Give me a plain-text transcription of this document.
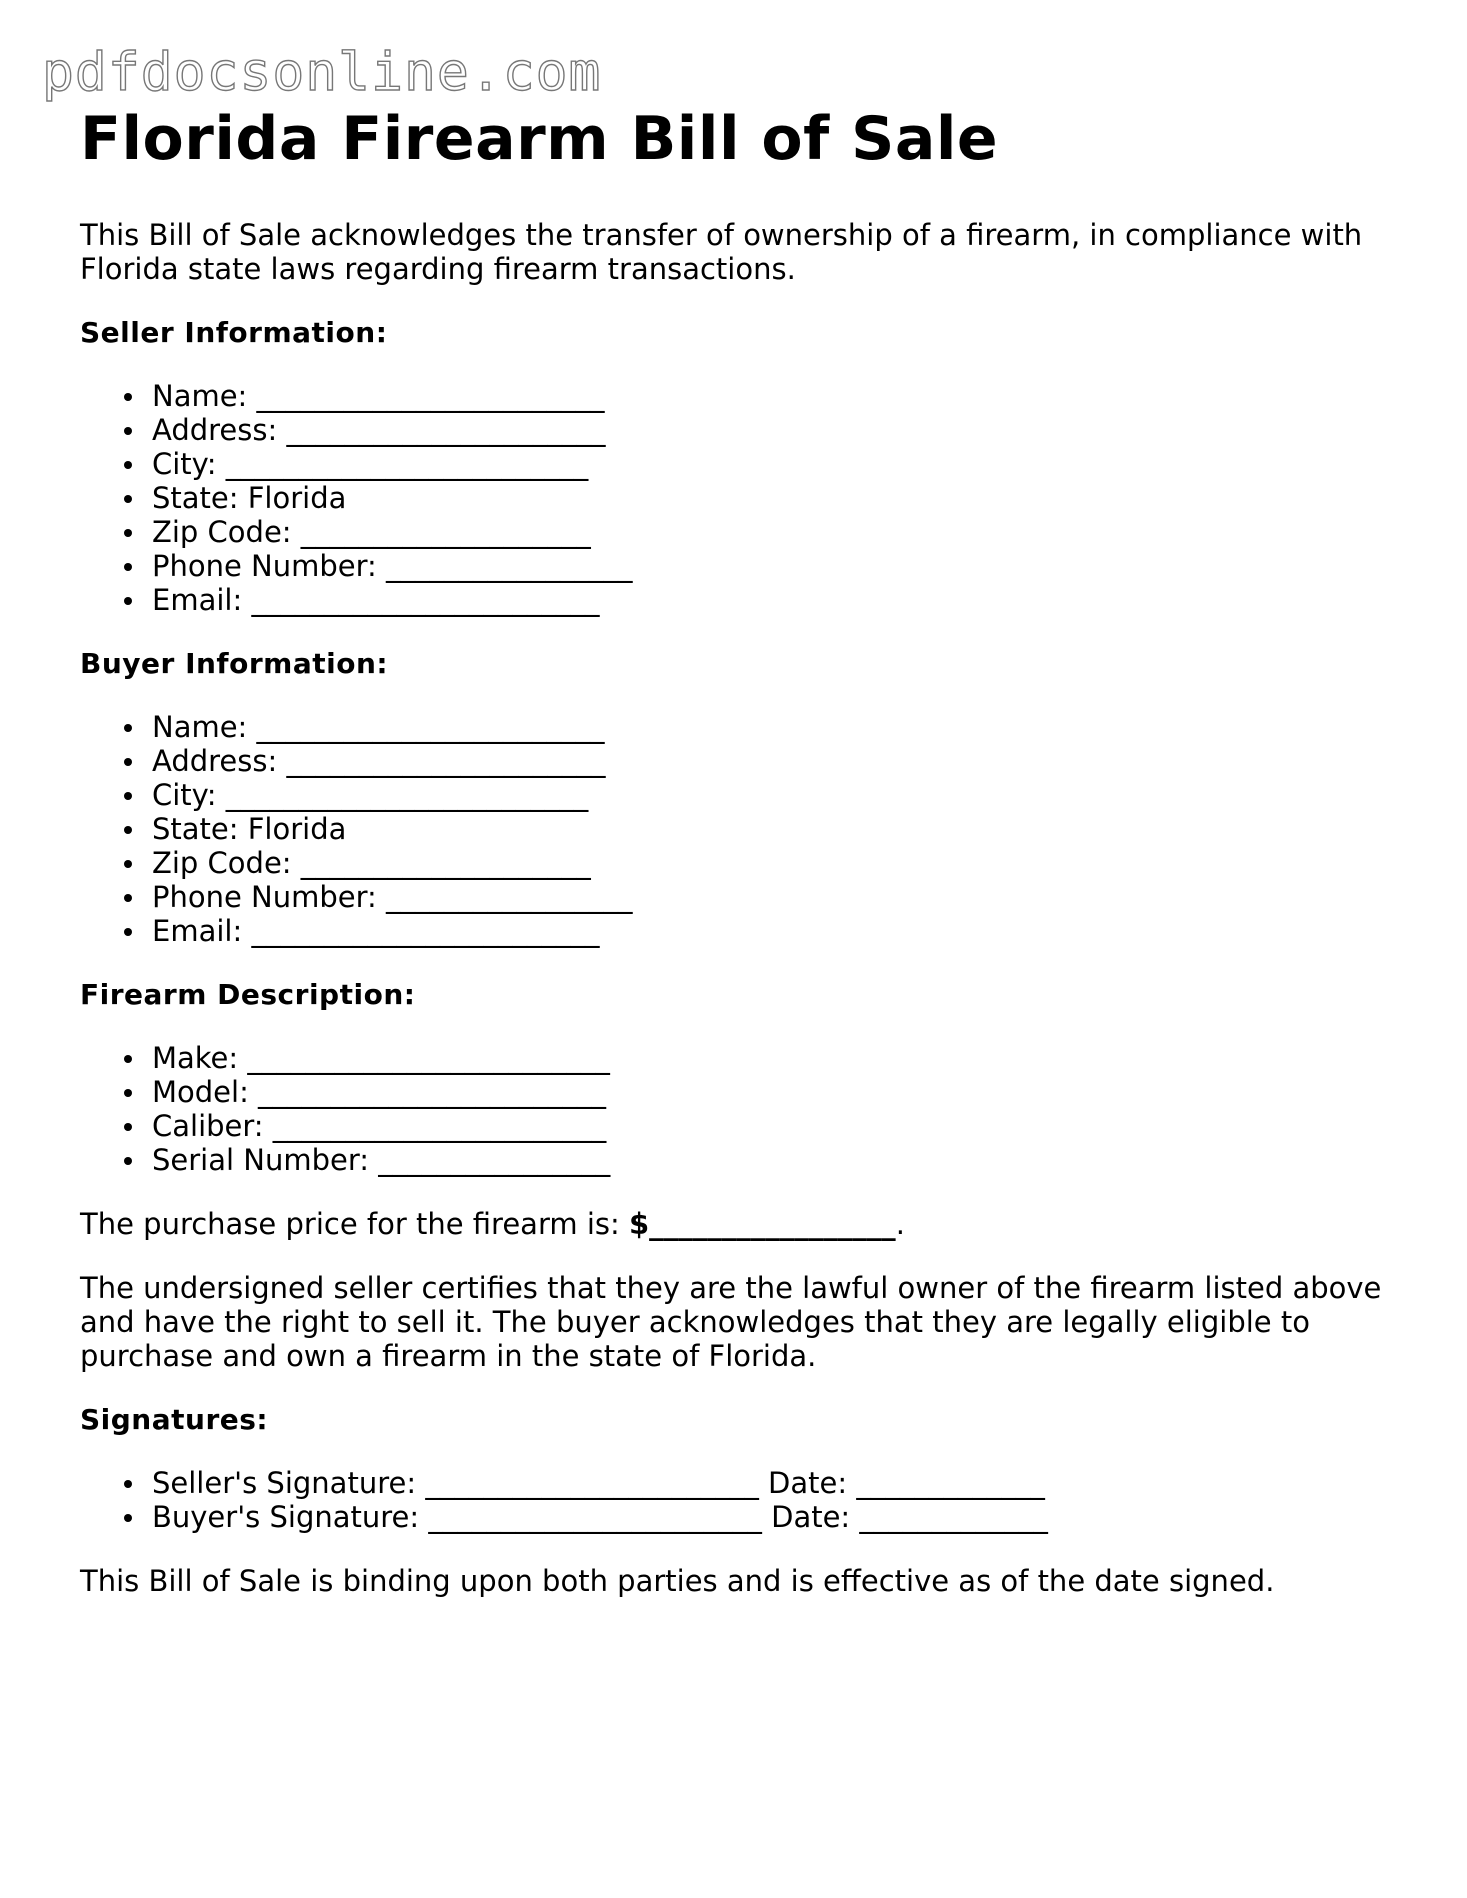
pdfdocsonline.com
Florida Firearm Bill of Sale

This Bill of Sale acknowledges the transfer of ownership of a firearm, in compliance with Florida state laws regarding firearm transactions.

Seller Information:
Name: ________________________
Address: ______________________
City: _________________________
State: Florida
Zip Code: ____________________
Phone Number: _________________
Email: ________________________
Buyer Information:
Name: ________________________
Address: ______________________
City: _________________________
State: Florida
Zip Code: ____________________
Phone Number: _________________
Email: ________________________
Firearm Description:
Make: _________________________
Model: ________________________
Caliber: _______________________
Serial Number: ________________

The purchase price for the firearm is: $_________________.

The undersigned seller certifies that they are the lawful owner of the firearm listed above and have the right to sell it. The buyer acknowledges that they are legally eligible to purchase and own a firearm in the state of Florida.

Signatures:
Seller's Signature: _______________________ Date: _____________
Buyer's Signature: _______________________ Date: _____________

This Bill of Sale is binding upon both parties and is effective as of the date signed.
